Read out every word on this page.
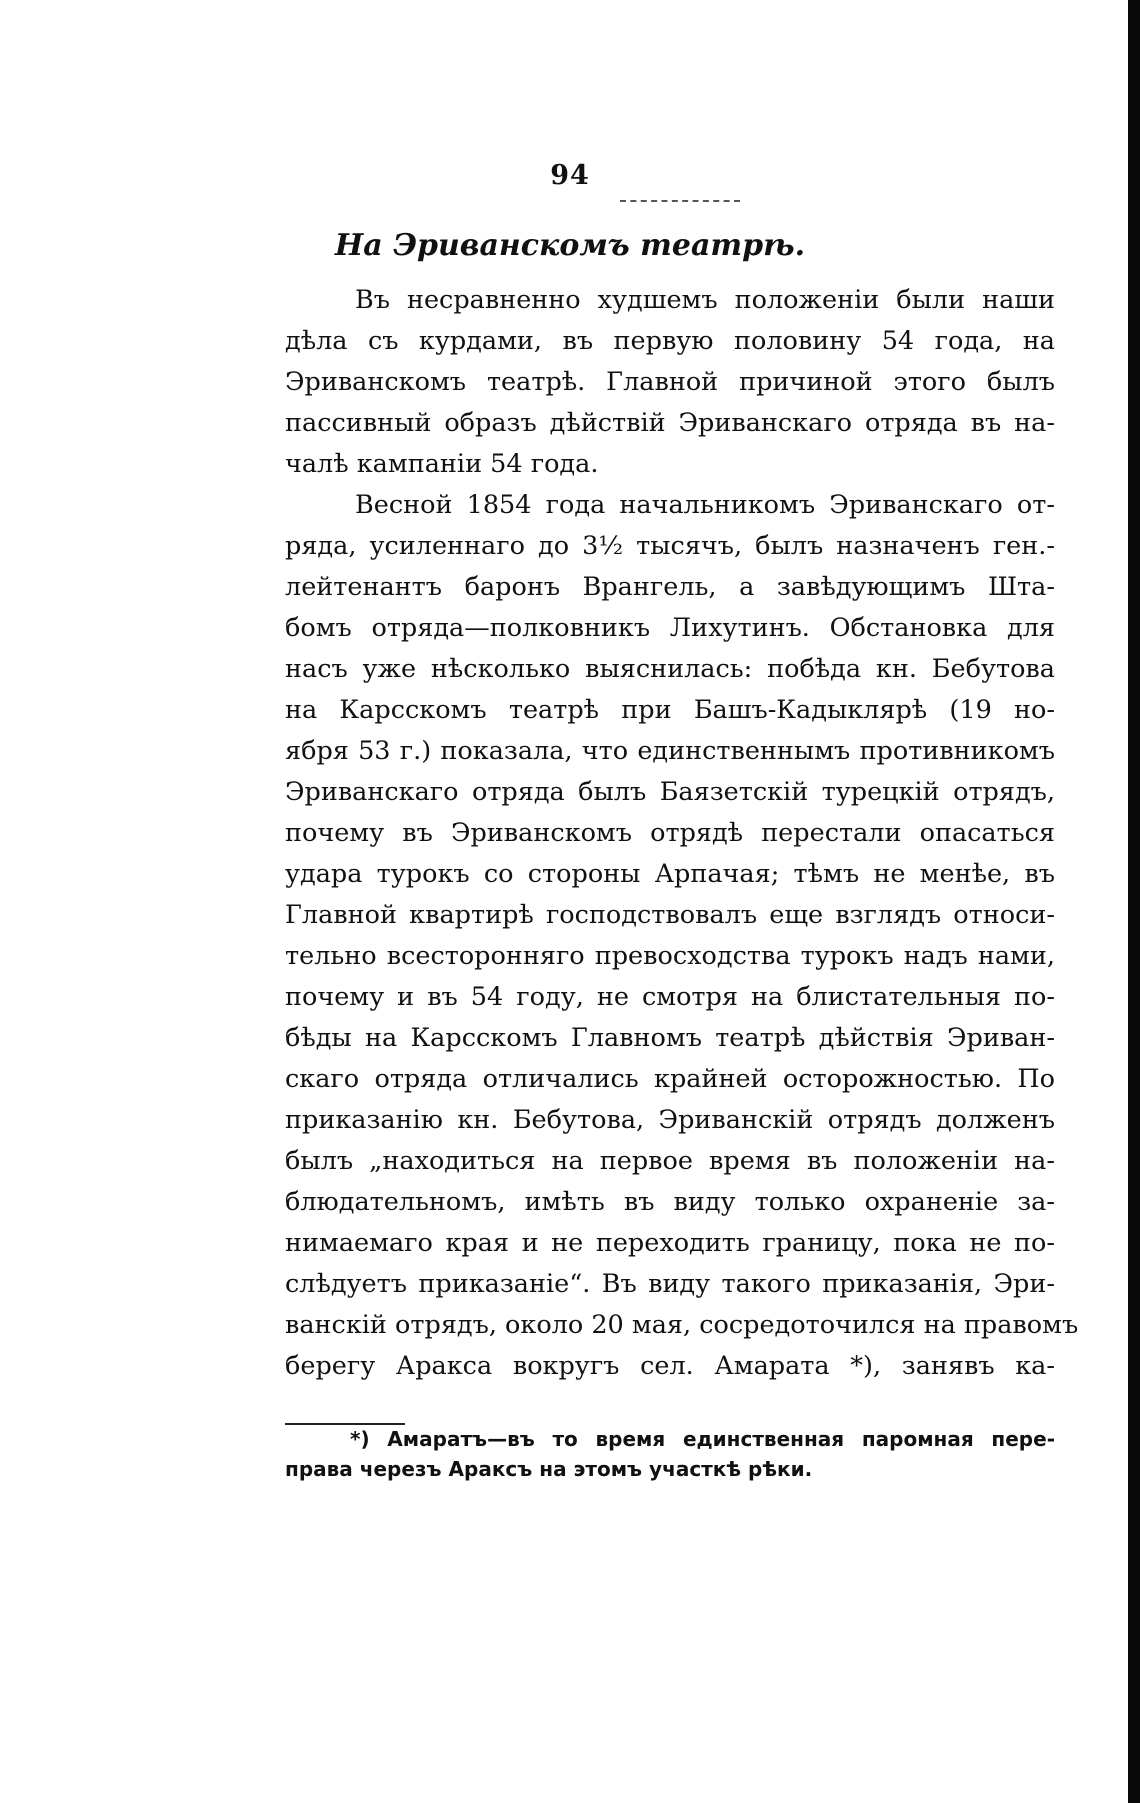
94
На Эриванскомъ театрѣ.
Въ несравненно худшемъ положеніи были наши
дѣла съ курдами, въ первую половину 54 года, на
Эриванскомъ театрѣ. Главной причиной этого былъ
пассивный образъ дѣйствій Эриванскаго отряда въ на-
чалѣ кампаніи 54 года.
Весной 1854 года начальникомъ Эриванскаго от-
ряда, усиленнаго до 3½ тысячъ, былъ назначенъ ген.-
лейтенантъ баронъ Врангель, а завѣдующимъ Шта-
бомъ отряда—полковникъ Лихутинъ. Обстановка для
насъ уже нѣсколько выяснилась: побѣда кн. Бебутова
на Карсскомъ театрѣ при Башъ-Кадыклярѣ (19 но-
ября 53 г.) показала, что единственнымъ противникомъ
Эриванскаго отряда былъ Баязетскій турецкій отрядъ,
почему въ Эриванскомъ отрядѣ перестали опасаться
удара турокъ со стороны Арпачая; тѣмъ не менѣе, въ
Главной квартирѣ господствовалъ еще взглядъ относи-
тельно всесторонняго превосходства турокъ надъ нами,
почему и въ 54 году, не смотря на блистательныя по-
бѣды на Карсскомъ Главномъ театрѣ дѣйствія Эриван-
скаго отряда отличались крайней осторожностью. По
приказанію кн. Бебутова, Эриванскій отрядъ долженъ
былъ „находиться на первое время въ положеніи на-
блюдательномъ, имѣть въ виду только охраненіе за-
нимаемаго края и не переходить границу, пока не по-
слѣдуетъ приказаніе“. Въ виду такого приказанія, Эри-
ванскій отрядъ, около 20 мая, сосредоточился на правомъ
берегу Аракса вокругъ сел. Амарата *), занявъ ка-
*) Амаратъ—въ то время единственная паромная пере-
права черезъ Араксъ на этомъ участкѣ рѣки.
